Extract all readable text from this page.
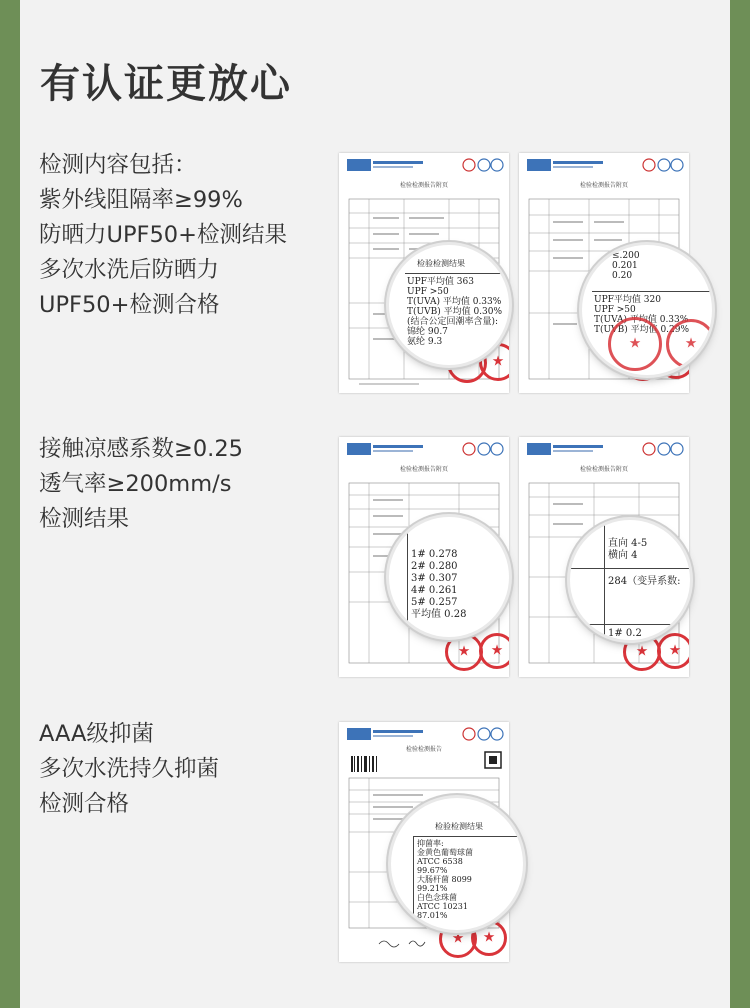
有认证更放心
检测内容包括：
紫外线阻隔率≥99%
防晒力UPF50+检测结果
多次水洗后防晒力
UPF50+检测合格
接触凉感系数≥0.25
透气率≥200mm/s
检测结果
AAA级抑菌
多次水洗持久抑菌
检测合格
检验检测报告附页
★
★
检验检测结果
UPF平均值 363
UPF >50
T(UVA) 平均值 0.33%
T(UVB) 平均值 0.30%
(结合公定回潮率含量):
锦纶 90.7
氨纶 9.3
检验检测报告附页
★
★
≤.200
0.201
0.20
UPF平均值 320
UPF >50
T(UVA) 平均值 0.33%
T(UVB) 平均值 0.29%
★
★
检验检测报告附页
★
★
1# 0.278
2# 0.280
3# 0.307
4# 0.261
5# 0.257
平均值 0.28
检验检测报告附页
★
★
直向 4-5
横向 4
284（变异系数:
1# 0.2
检验检测报告
★
★
检验检测结果
抑菌率:
金黄色葡萄球菌
ATCC 6538
99.67%
大肠杆菌 8099
99.21%
白色念珠菌
ATCC 10231
87.01%
